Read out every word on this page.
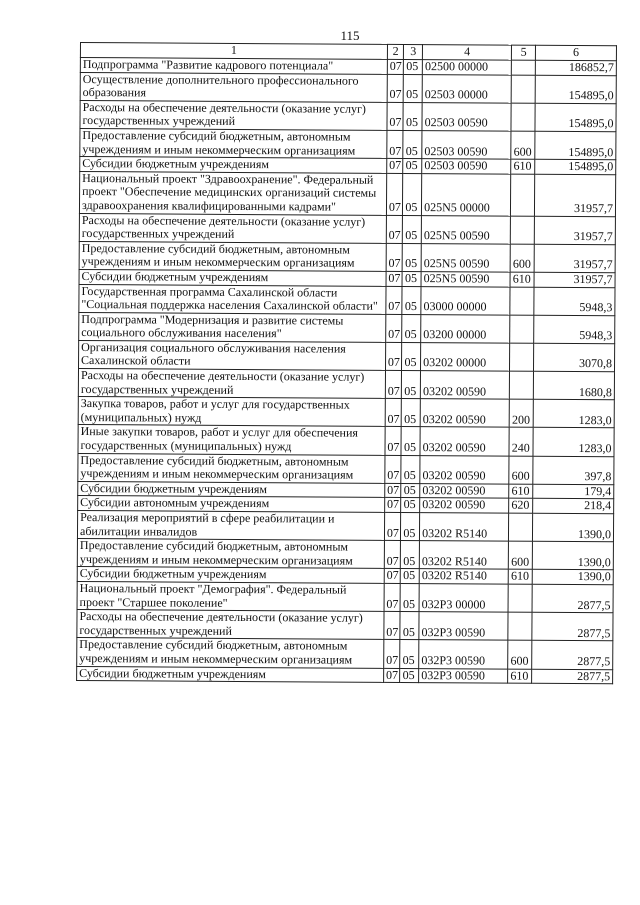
115
1	2	3	4	5	6
Подпрограмма "Развитие кадрового потенциала"	07	05	02500 00000		186852,7
Осуществление дополнительного профессионального образования	07	05	02503 00000		154895,0
Расходы на обеспечение деятельности (оказание услуг) государственных учреждений	07	05	02503 00590		154895,0
Предоставление субсидий бюджетным, автономным учреждениям и иным некоммерческим организациям	07	05	02503 00590	600	154895,0
Субсидии бюджетным учреждениям	07	05	02503 00590	610	154895,0
Национальный проект "Здравоохранение". Федеральный проект "Обеспечение медицинских организаций системы здравоохранения квалифицированными кадрами"	07	05	025N5 00000		31957,7
Расходы на обеспечение деятельности (оказание услуг) государственных учреждений	07	05	025N5 00590		31957,7
Предоставление субсидий бюджетным, автономным учреждениям и иным некоммерческим организациям	07	05	025N5 00590	600	31957,7
Субсидии бюджетным учреждениям	07	05	025N5 00590	610	31957,7
Государственная программа Сахалинской области "Социальная поддержка населения Сахалинской области"	07	05	03000 00000		5948,3
Подпрограмма "Модернизация и развитие системы социального обслуживания населения"	07	05	03200 00000		5948,3
Организация социального обслуживания населения Сахалинской области	07	05	03202 00000		3070,8
Расходы на обеспечение деятельности (оказание услуг) государственных учреждений	07	05	03202 00590		1680,8
Закупка товаров, работ и услуг для государственных (муниципальных) нужд	07	05	03202 00590	200	1283,0
Иные закупки товаров, работ и услуг для обеспечения государственных (муниципальных) нужд	07	05	03202 00590	240	1283,0
Предоставление субсидий бюджетным, автономным учреждениям и иным некоммерческим организациям	07	05	03202 00590	600	397,8
Субсидии бюджетным учреждениям	07	05	03202 00590	610	179,4
Субсидии автономным учреждениям	07	05	03202 00590	620	218,4
Реализация мероприятий в сфере реабилитации и абилитации инвалидов	07	05	03202 R5140		1390,0
Предоставление субсидий бюджетным, автономным учреждениям и иным некоммерческим организациям	07	05	03202 R5140	600	1390,0
Субсидии бюджетным учреждениям	07	05	03202 R5140	610	1390,0
Национальный проект "Демография". Федеральный проект "Старшее поколение"	07	05	032P3 00000		2877,5
Расходы на обеспечение деятельности (оказание услуг) государственных учреждений	07	05	032P3 00590		2877,5
Предоставление субсидий бюджетным, автономным учреждениям и иным некоммерческим организациям	07	05	032P3 00590	600	2877,5
Субсидии бюджетным учреждениям	07	05	032P3 00590	610	2877,5
